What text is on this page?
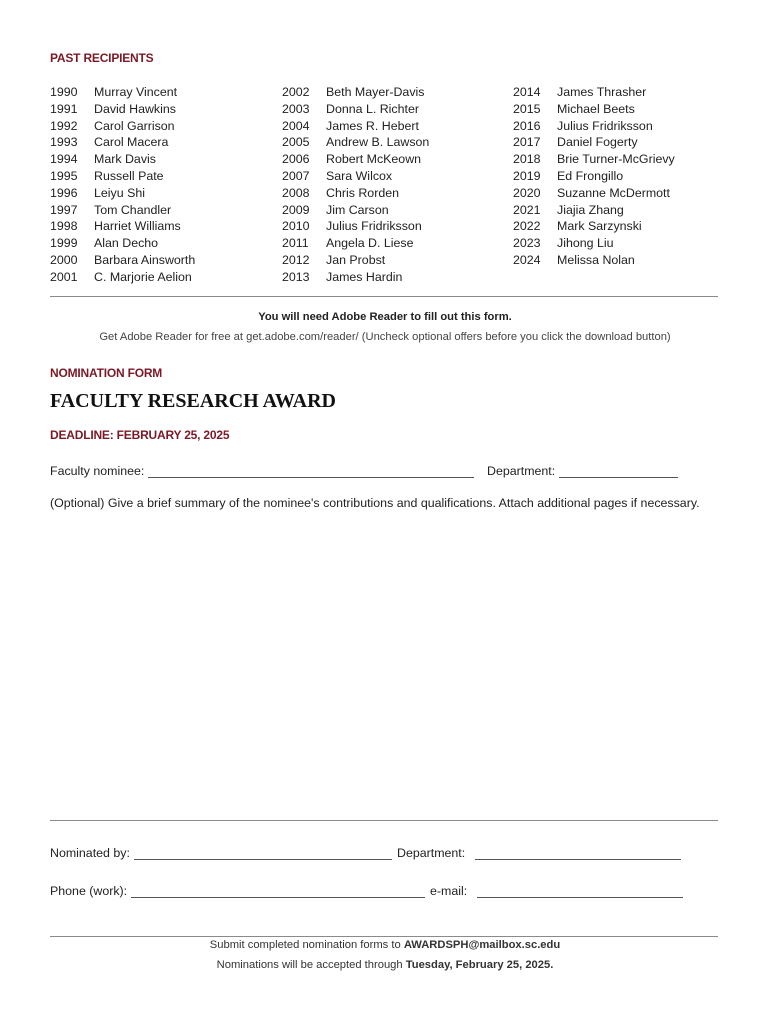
PAST RECIPIENTS
1990	Murray Vincent
1991	David Hawkins
1992	Carol Garrison
1993	Carol Macera
1994	Mark Davis
1995	Russell Pate
1996	Leiyu Shi
1997	Tom Chandler
1998	Harriet Williams
1999	Alan Decho
2000	Barbara Ainsworth
2001	C. Marjorie Aelion
2002	Beth Mayer-Davis
2003	Donna L. Richter
2004	James R. Hebert
2005	Andrew B. Lawson
2006	Robert McKeown
2007	Sara Wilcox
2008	Chris Rorden
2009	Jim Carson
2010	Julius Fridriksson
2011	Angela D. Liese
2012	Jan Probst
2013	James Hardin
2014	James Thrasher
2015	Michael Beets
2016	Julius Fridriksson
2017	Daniel Fogerty
2018	Brie Turner-McGrievy
2019	Ed Frongillo
2020	Suzanne McDermott
2021	Jiajia Zhang
2022	Mark Sarzynski
2023	Jihong Liu
2024	Melissa Nolan
You will need Adobe Reader to fill out this form.
Get Adobe Reader for free at get.adobe.com/reader/ (Uncheck optional offers before you click the download button)
NOMINATION FORM
FACULTY RESEARCH AWARD
DEADLINE: FEBRUARY 25, 2025
Faculty nominee:	Department:
(Optional) Give a brief summary of the nominee's contributions and qualifications. Attach additional pages if necessary.
Nominated by:	Department:
Phone (work):	e-mail:
Submit completed nomination forms to AWARDSPH@mailbox.sc.edu
Nominations will be accepted through Tuesday, February 25, 2025.
